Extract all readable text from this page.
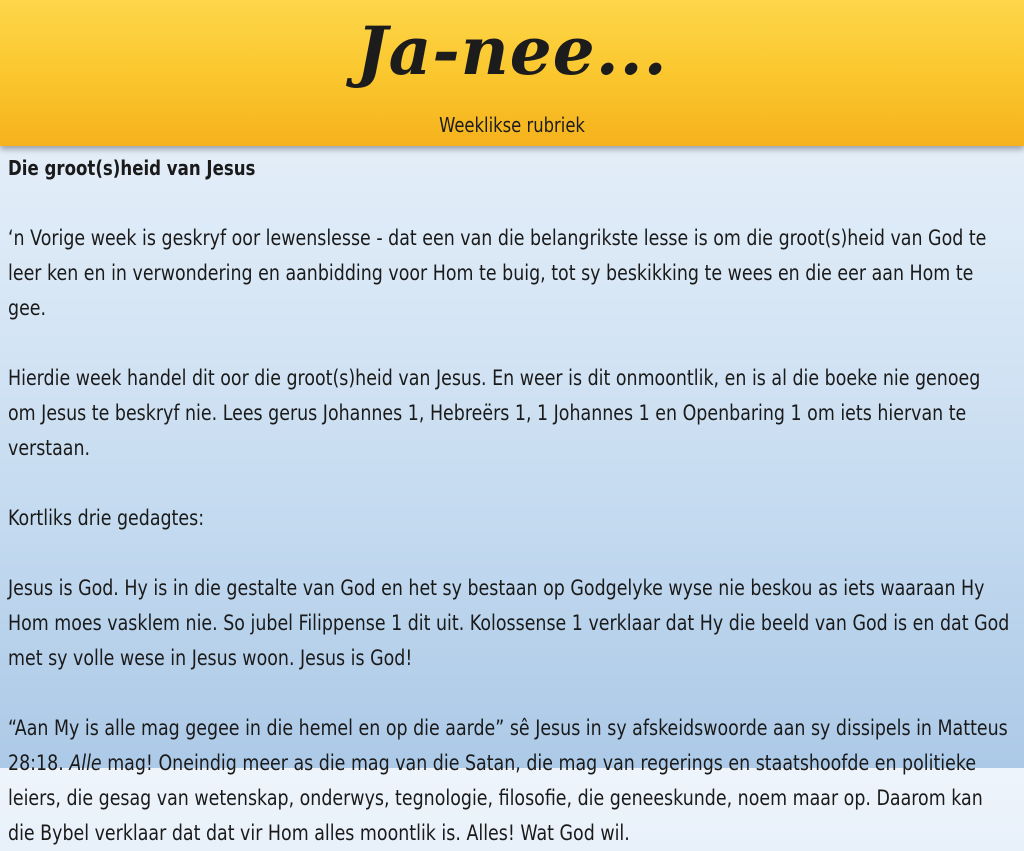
Ja-nee...
Weeklikse rubriek
Die groot(s)heid van Jesus

‘n Vorige week is geskryf oor lewenslesse - dat een van die belangrikste lesse is om die groot(s)heid van God te leer ken en in verwondering en aanbidding voor Hom te buig, tot sy beskikking te wees en die eer aan Hom te gee.

Hierdie week handel dit oor die groot(s)heid van Jesus. En weer is dit onmoontlik, en is al die boeke nie genoeg om Jesus te beskryf nie. Lees gerus Johannes 1, Hebreërs 1, 1 Johannes 1 en Openbaring 1 om iets hiervan te verstaan.

Kortliks drie gedagtes:

Jesus is God. Hy is in die gestalte van God en het sy bestaan op Godgelyke wyse nie beskou as iets waaraan Hy Hom moes vasklem nie. So jubel Filippense 1 dit uit. Kolossense 1 verklaar dat Hy die beeld van God is en dat God met sy volle wese in Jesus woon. Jesus is God!

“Aan My is alle mag gegee in die hemel en op die aarde” sê Jesus in sy afskeidswoorde aan sy dissipels in Matteus 28:18. Alle mag! Oneindig meer as die mag van die Satan, die mag van regerings en staatshoofde en politieke leiers, die gesag van wetenskap, onderwys, tegnologie, filosofie, die geneeskunde, noem maar op. Daarom kan die Bybel verklaar dat dat vir Hom alles moontlik is. Alles! Wat God wil.
